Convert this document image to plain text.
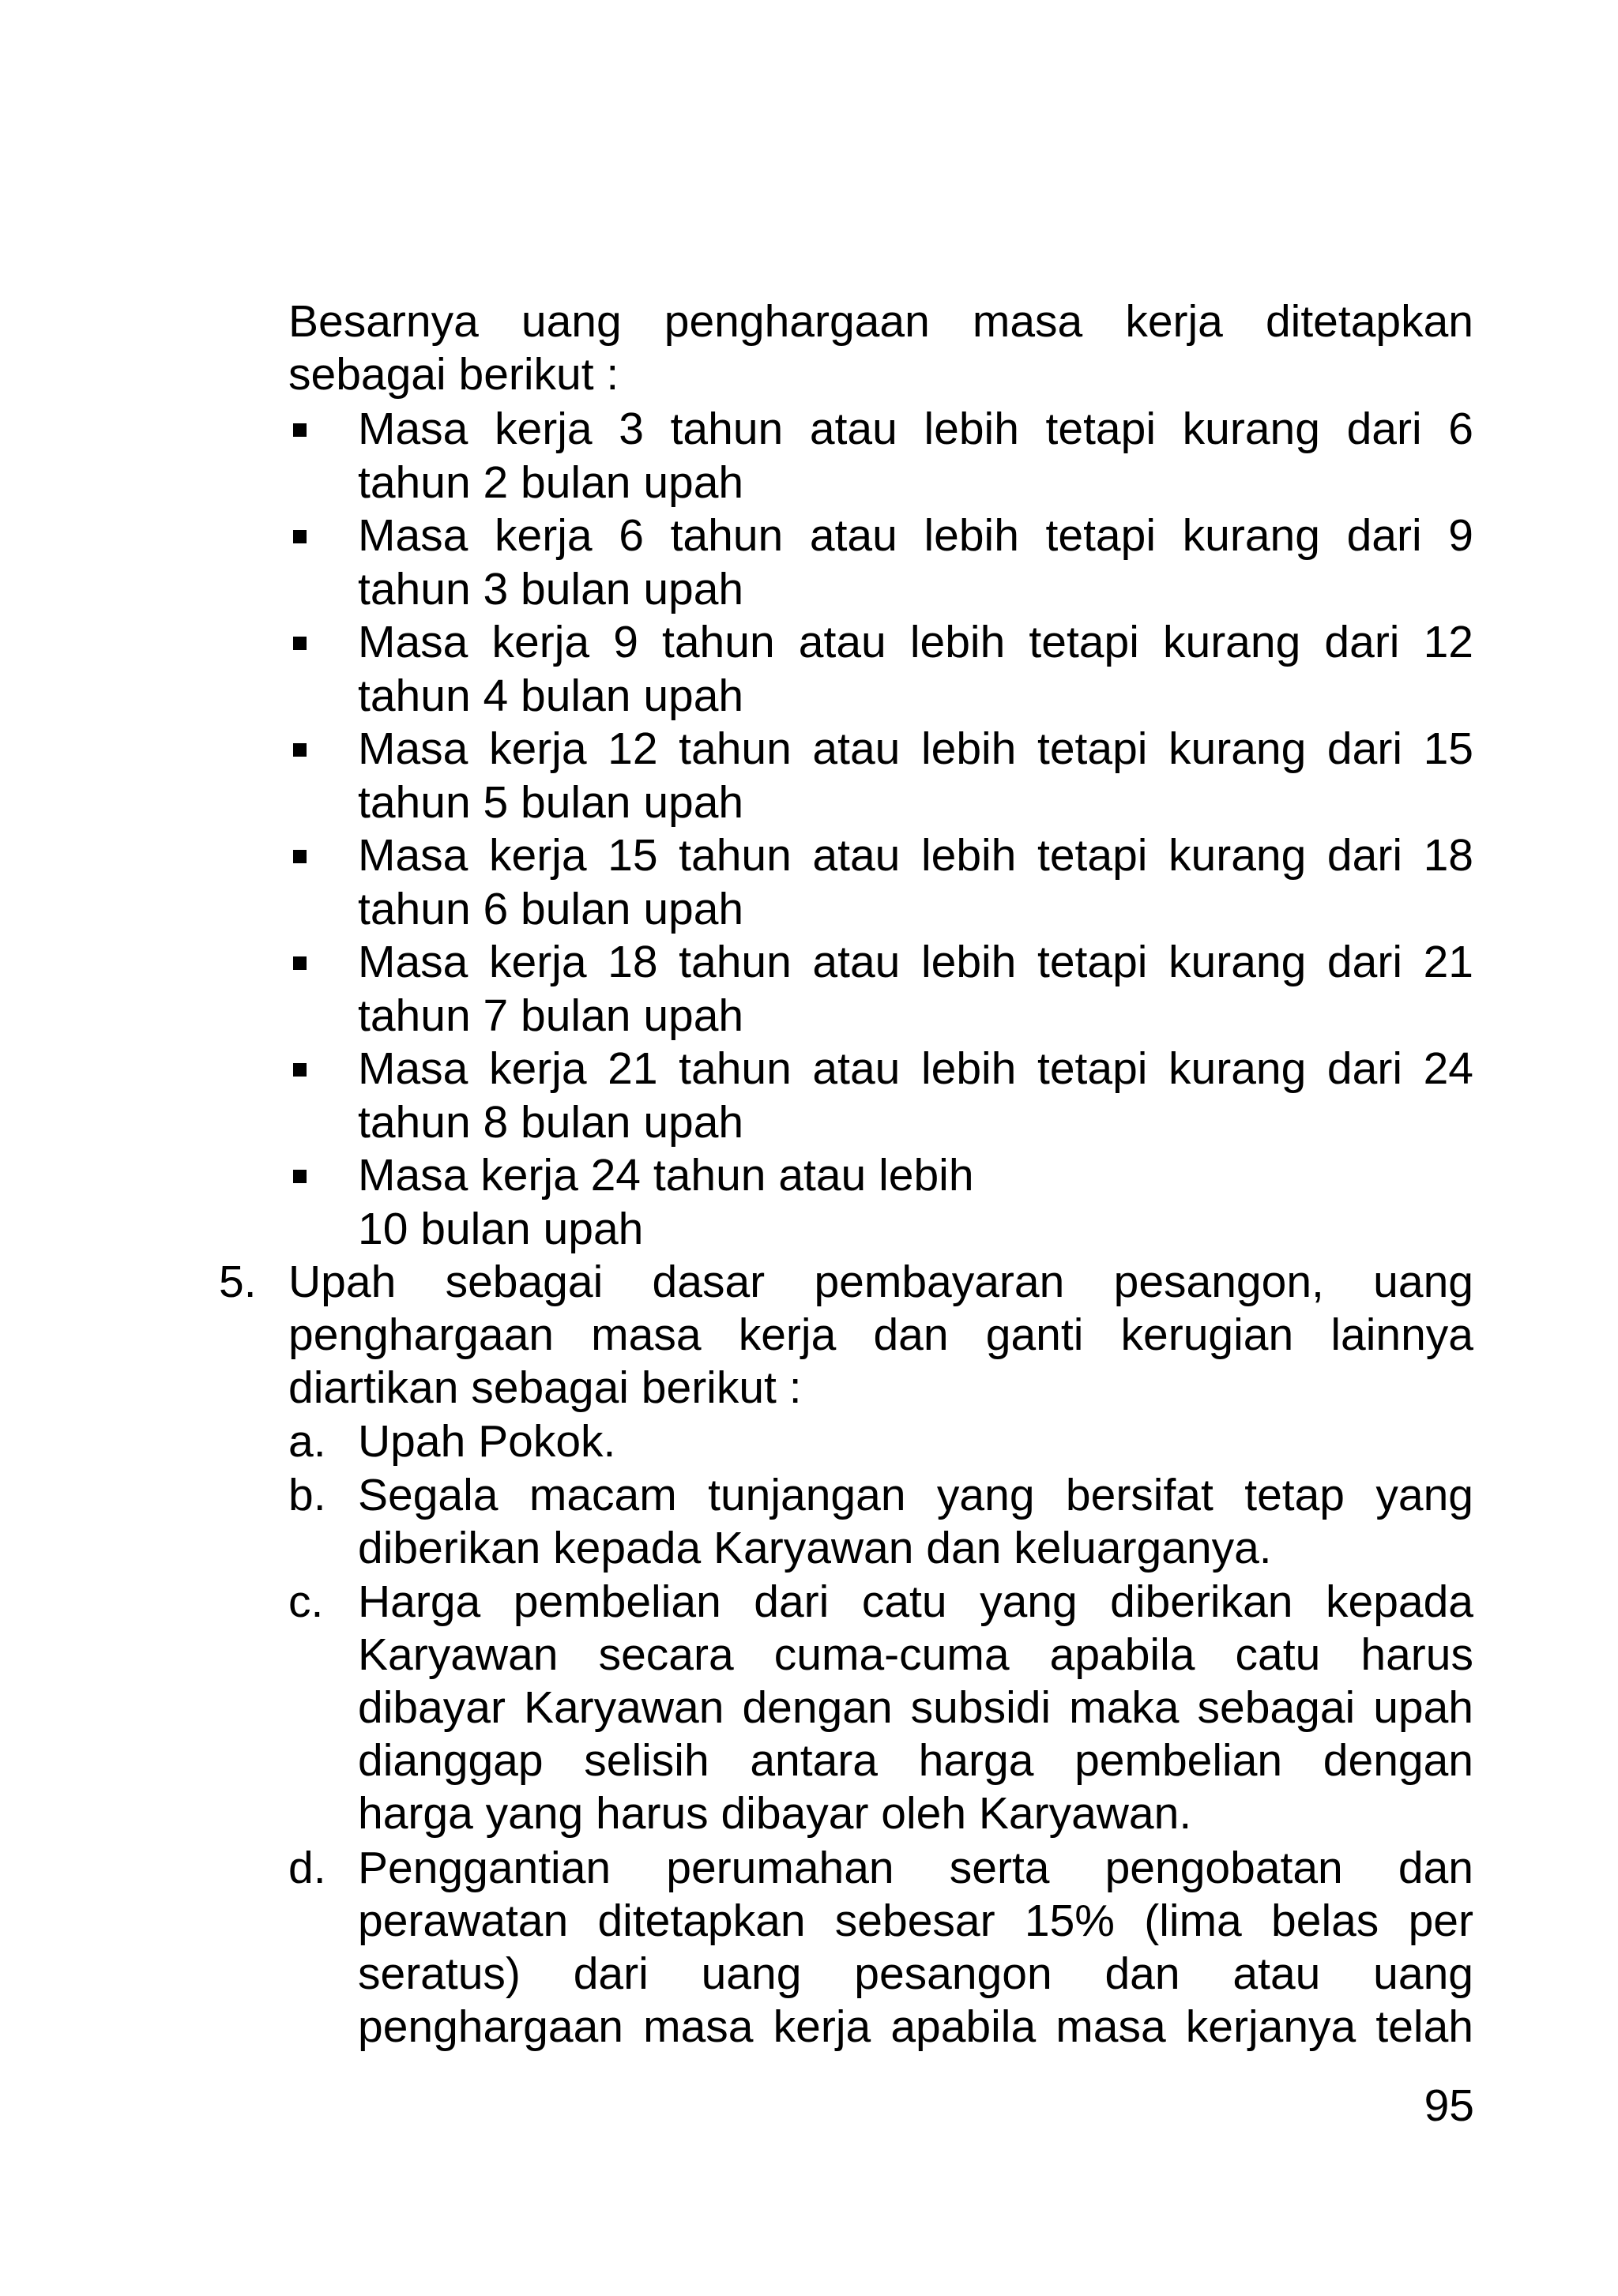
Besarnya uang penghargaan masa kerja ditetapkan
sebagai berikut :
Masa kerja 3 tahun atau lebih tetapi kurang dari 6
tahun 2 bulan upah
Masa kerja 6 tahun atau lebih tetapi kurang dari 9
tahun 3 bulan upah
Masa kerja 9 tahun atau lebih tetapi kurang dari 12
tahun 4 bulan upah
Masa kerja 12 tahun atau lebih tetapi kurang dari 15
tahun 5 bulan upah
Masa kerja 15 tahun atau lebih tetapi kurang dari 18
tahun 6 bulan upah
Masa kerja 18 tahun atau lebih tetapi kurang dari 21
tahun 7 bulan upah
Masa kerja 21 tahun atau lebih tetapi kurang dari 24
tahun 8 bulan upah
Masa kerja 24 tahun atau lebih
10 bulan upah
5. Upah sebagai dasar pembayaran pesangon, uang
penghargaan masa kerja dan ganti kerugian lainnya
diartikan sebagai berikut :
a. Upah Pokok.
b. Segala macam tunjangan yang bersifat tetap yang
diberikan kepada Karyawan dan keluarganya.
c. Harga pembelian dari catu yang diberikan kepada
Karyawan secara cuma-cuma apabila catu harus
dibayar Karyawan dengan subsidi maka sebagai upah
dianggap selisih antara harga pembelian dengan
harga yang harus dibayar oleh Karyawan.
d. Penggantian perumahan serta pengobatan dan
perawatan ditetapkan sebesar 15% (lima belas per
seratus) dari uang pesangon dan atau uang
penghargaan masa kerja apabila masa kerjanya telah
95
